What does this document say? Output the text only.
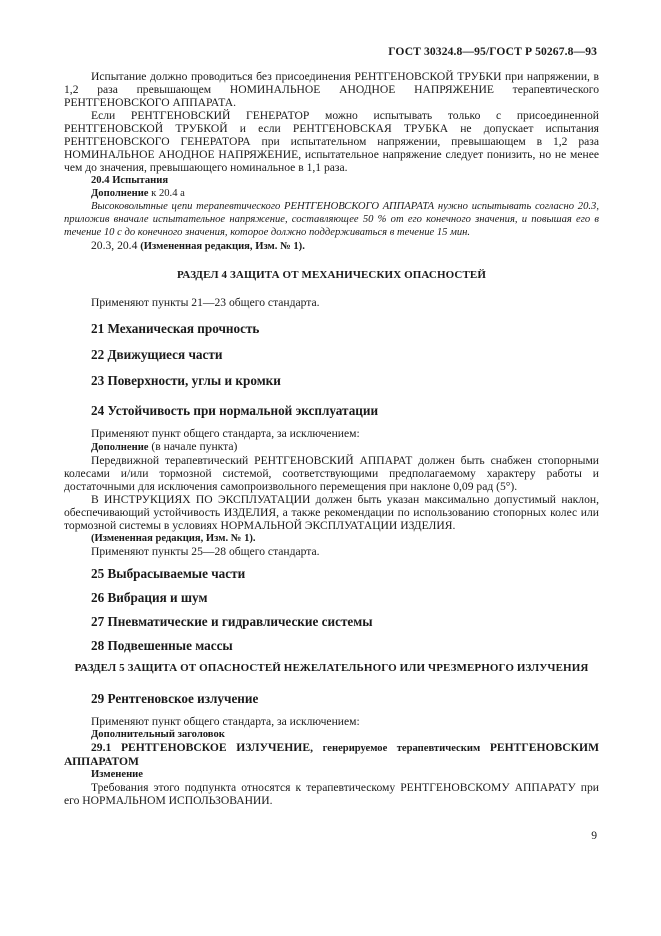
ГОСТ 30324.8—95/ГОСТ Р 50267.8—93

Испытание должно проводиться без присоединения РЕНТГЕНОВСКОЙ ТРУБКИ при напряжении, в 1,2 раза превышающем НОМИНАЛЬНОЕ АНОДНОЕ НАПРЯЖЕНИЕ терапевтического РЕНТГЕНОВСКОГО АППАРАТА.

Если РЕНТГЕНОВСКИЙ ГЕНЕРАТОР можно испытывать только с присоединенной РЕНТГЕНОВСКОЙ ТРУБКОЙ и если РЕНТГЕНОВСКАЯ ТРУБКА не допускает испытания РЕНТГЕНОВСКОГО ГЕНЕРАТОРА при испытательном напряжении, превышающем в 1,2 раза НОМИНАЛЬНОЕ АНОДНОЕ НАПРЯЖЕНИЕ, испытательное напряжение следует понизить, но не менее чем до значения, превышающего номинальное в 1,1 раза.

20.4 Испытания

Дополнение к 20.4 а

Высоковольтные цепи терапевтического РЕНТГЕНОВСКОГО АППАРАТА нужно испытывать согласно 20.3, приложив вначале испытательное напряжение, составляющее 50 % от его конечного значения, и повышая его в течение 10 с до конечного значения, которое должно поддерживаться в течение 15 мин.

20.3, 20.4 (Измененная редакция, Изм. № 1).

РАЗДЕЛ 4 ЗАЩИТА ОТ МЕХАНИЧЕСКИХ ОПАСНОСТЕЙ

Применяют пункты 21—23 общего стандарта.

21 Механическая прочность

22 Движущиеся части

23 Поверхности, углы и кромки

24 Устойчивость при нормальной эксплуатации

Применяют пункт общего стандарта, за исключением:

Дополнение (в начале пункта)

Передвижной терапевтический РЕНТГЕНОВСКИЙ АППАРАТ должен быть снабжен стопорными колесами и/или тормозной системой, соответствующими предполагаемому характеру работы и достаточными для исключения самопроизвольного перемещения при наклоне 0,09 рад (5°).

В ИНСТРУКЦИЯХ ПО ЭКСПЛУАТАЦИИ должен быть указан максимально допустимый наклон, обеспечивающий устойчивость ИЗДЕЛИЯ, а также рекомендации по использованию стопорных колес или тормозной системы в условиях НОРМАЛЬНОЙ ЭКСПЛУАТАЦИИ ИЗДЕЛИЯ.

(Измененная редакция, Изм. № 1).

Применяют пункты 25—28 общего стандарта.

25 Выбрасываемые части

26 Вибрация и шум

27 Пневматические и гидравлические системы

28 Подвешенные массы

РАЗДЕЛ 5 ЗАЩИТА ОТ ОПАСНОСТЕЙ НЕЖЕЛАТЕЛЬНОГО ИЛИ ЧРЕЗМЕРНОГО ИЗЛУЧЕНИЯ

29 Рентгеновское излучение

Применяют пункт общего стандарта, за исключением:

Дополнительный заголовок

29.1 РЕНТГЕНОВСКОЕ ИЗЛУЧЕНИЕ, генерируемое терапевтическим РЕНТГЕНОВСКИМ АППАРАТОМ

Изменение

Требования этого подпункта относятся к терапевтическому РЕНТГЕНОВСКОМУ АППАРАТУ при его НОРМАЛЬНОМ ИСПОЛЬЗОВАНИИ.

9
